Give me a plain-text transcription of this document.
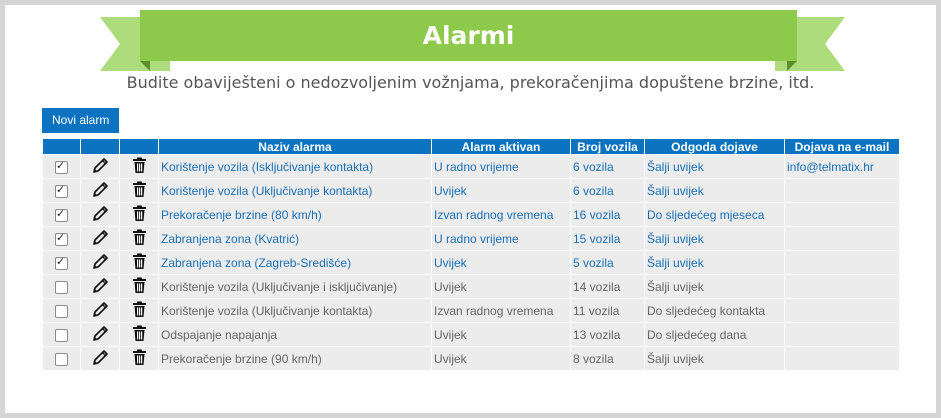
Alarmi
Budite obaviješteni o nedozvoljenim vožnjama, prekoračenjima dopuštene brzine, itd.
Novi alarm
			Naziv alarma	Alarm aktivan	Broj vozila	Odgoda dojave	Dojava na e-mail
✓			Korištenje vozila (Isključivanje kontakta)	U radno vrijeme	6 vozila	Šalji uvijek	info@telmatix.hr
✓			Korištenje vozila (Uključivanje kontakta)	Uvijek	6 vozila	Šalji uvijek	
✓			Prekoračenje brzine (80 km/h)	Izvan radnog vremena	16 vozila	Do sljedećeg mjeseca	
✓			Zabranjena zona (Kvatrić)	U radno vrijeme	15 vozila	Šalji uvijek	
✓			Zabranjena zona (Zagreb-Središće)	Uvijek	5 vozila	Šalji uvijek	
			Korištenje vozila (Uključivanje i isključivanje)	Uvijek	14 vozila	Šalji uvijek	
			Korištenje vozila (Uključivanje kontakta)	Izvan radnog vremena	11 vozila	Do sljedećeg kontakta	
			Odspajanje napajanja	Uvijek	13 vozila	Do sljedećeg dana	
			Prekoračenje brzine (90 km/h)	Uvijek	8 vozila	Šalji uvijek	
